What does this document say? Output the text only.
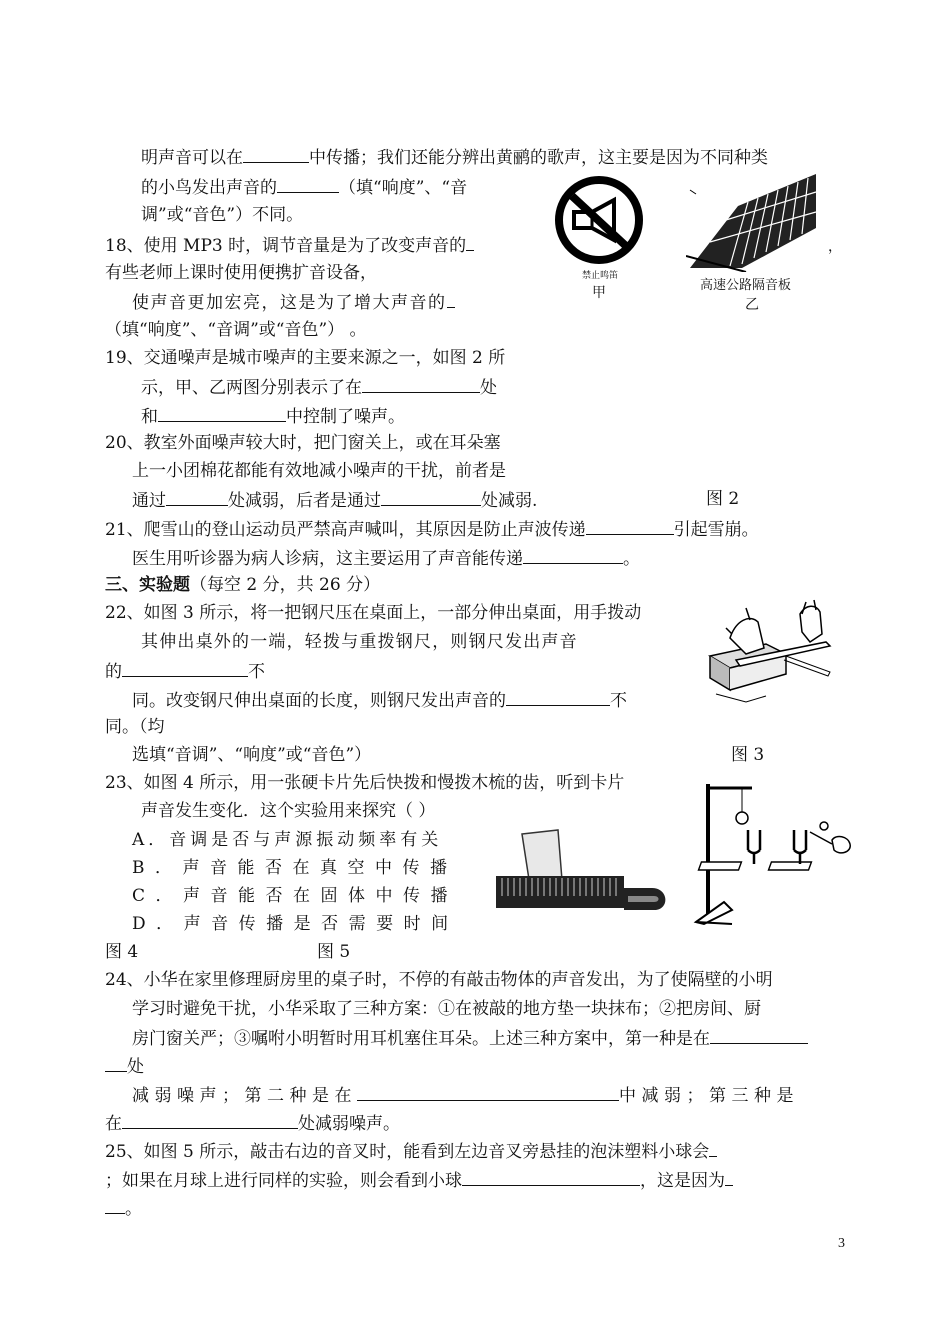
明声音可以在	中传播；我们还能分辨出黄鹂的歌声，这主要是因为不同种类
的小鸟发出声音的	（填“响度”、“音
调”或“音色”）不同。
18、使用 MP3 时，调节音量是为了改变声音的
有些老师上课时使用便携扩音设备，
使声音更加宏亮，这是为了增大声音的
（填“响度”、“音调”或“音色”） 。
19、交通噪声是城市噪声的主要来源之一，如图 2 所
示，甲、乙两图分别表示了在	处
和	中控制了噪声。
20、教室外面噪声较大时，把门窗关上，或在耳朵塞
上一小团棉花都能有效地减小噪声的干扰，前者是
通过	处减弱，后者是通过	处减弱.
21、爬雪山的登山运动员严禁高声喊叫，其原因是防止声波传递	引起雪崩。
医生用听诊器为病人诊病，这主要运用了声音能传递	。
三、实验题（每空 2 分，共 26 分）
22、如图 3 所示，将一把钢尺压在桌面上，一部分伸出桌面，用手拨动
其伸出桌外的一端，轻拨与重拨钢尺，则钢尺发出声音
的	不
同。改变钢尺伸出桌面的长度，则钢尺发出声音的	不
同。（均
选填“音调”、“响度”或“音色”）
23、如图 4 所示，用一张硬卡片先后快拨和慢拨木梳的齿，听到卡片
声音发生变化．这个实验用来探究（ ）
A．音调是否与声源振动频率有关
B．声音能否在真空中传播
C．声音能否在固体中传播
D．声音传播是否需要时间
图 4	图 5
24、小华在家里修理厨房里的桌子时，不停的有敲击物体的声音发出，为了使隔壁的小明
学习时避免干扰，小华采取了三种方案：①在被敲的地方垫一块抹布；②把房间、厨
房门窗关严；③嘱咐小明暂时用耳机塞住耳朵。上述三种方案中，第一种是在
处
减弱噪声；第二种是在	中减弱；第三种是
在	处减弱噪声。
25、如图 5 所示，敲击右边的音叉时，能看到左边音叉旁悬挂的泡沫塑料小球会
；如果在月球上进行同样的实验，则会看到小球	，这是因为
。
禁止鸣笛
甲
，
高速公路隔音板
乙
图 2
图 3
3
